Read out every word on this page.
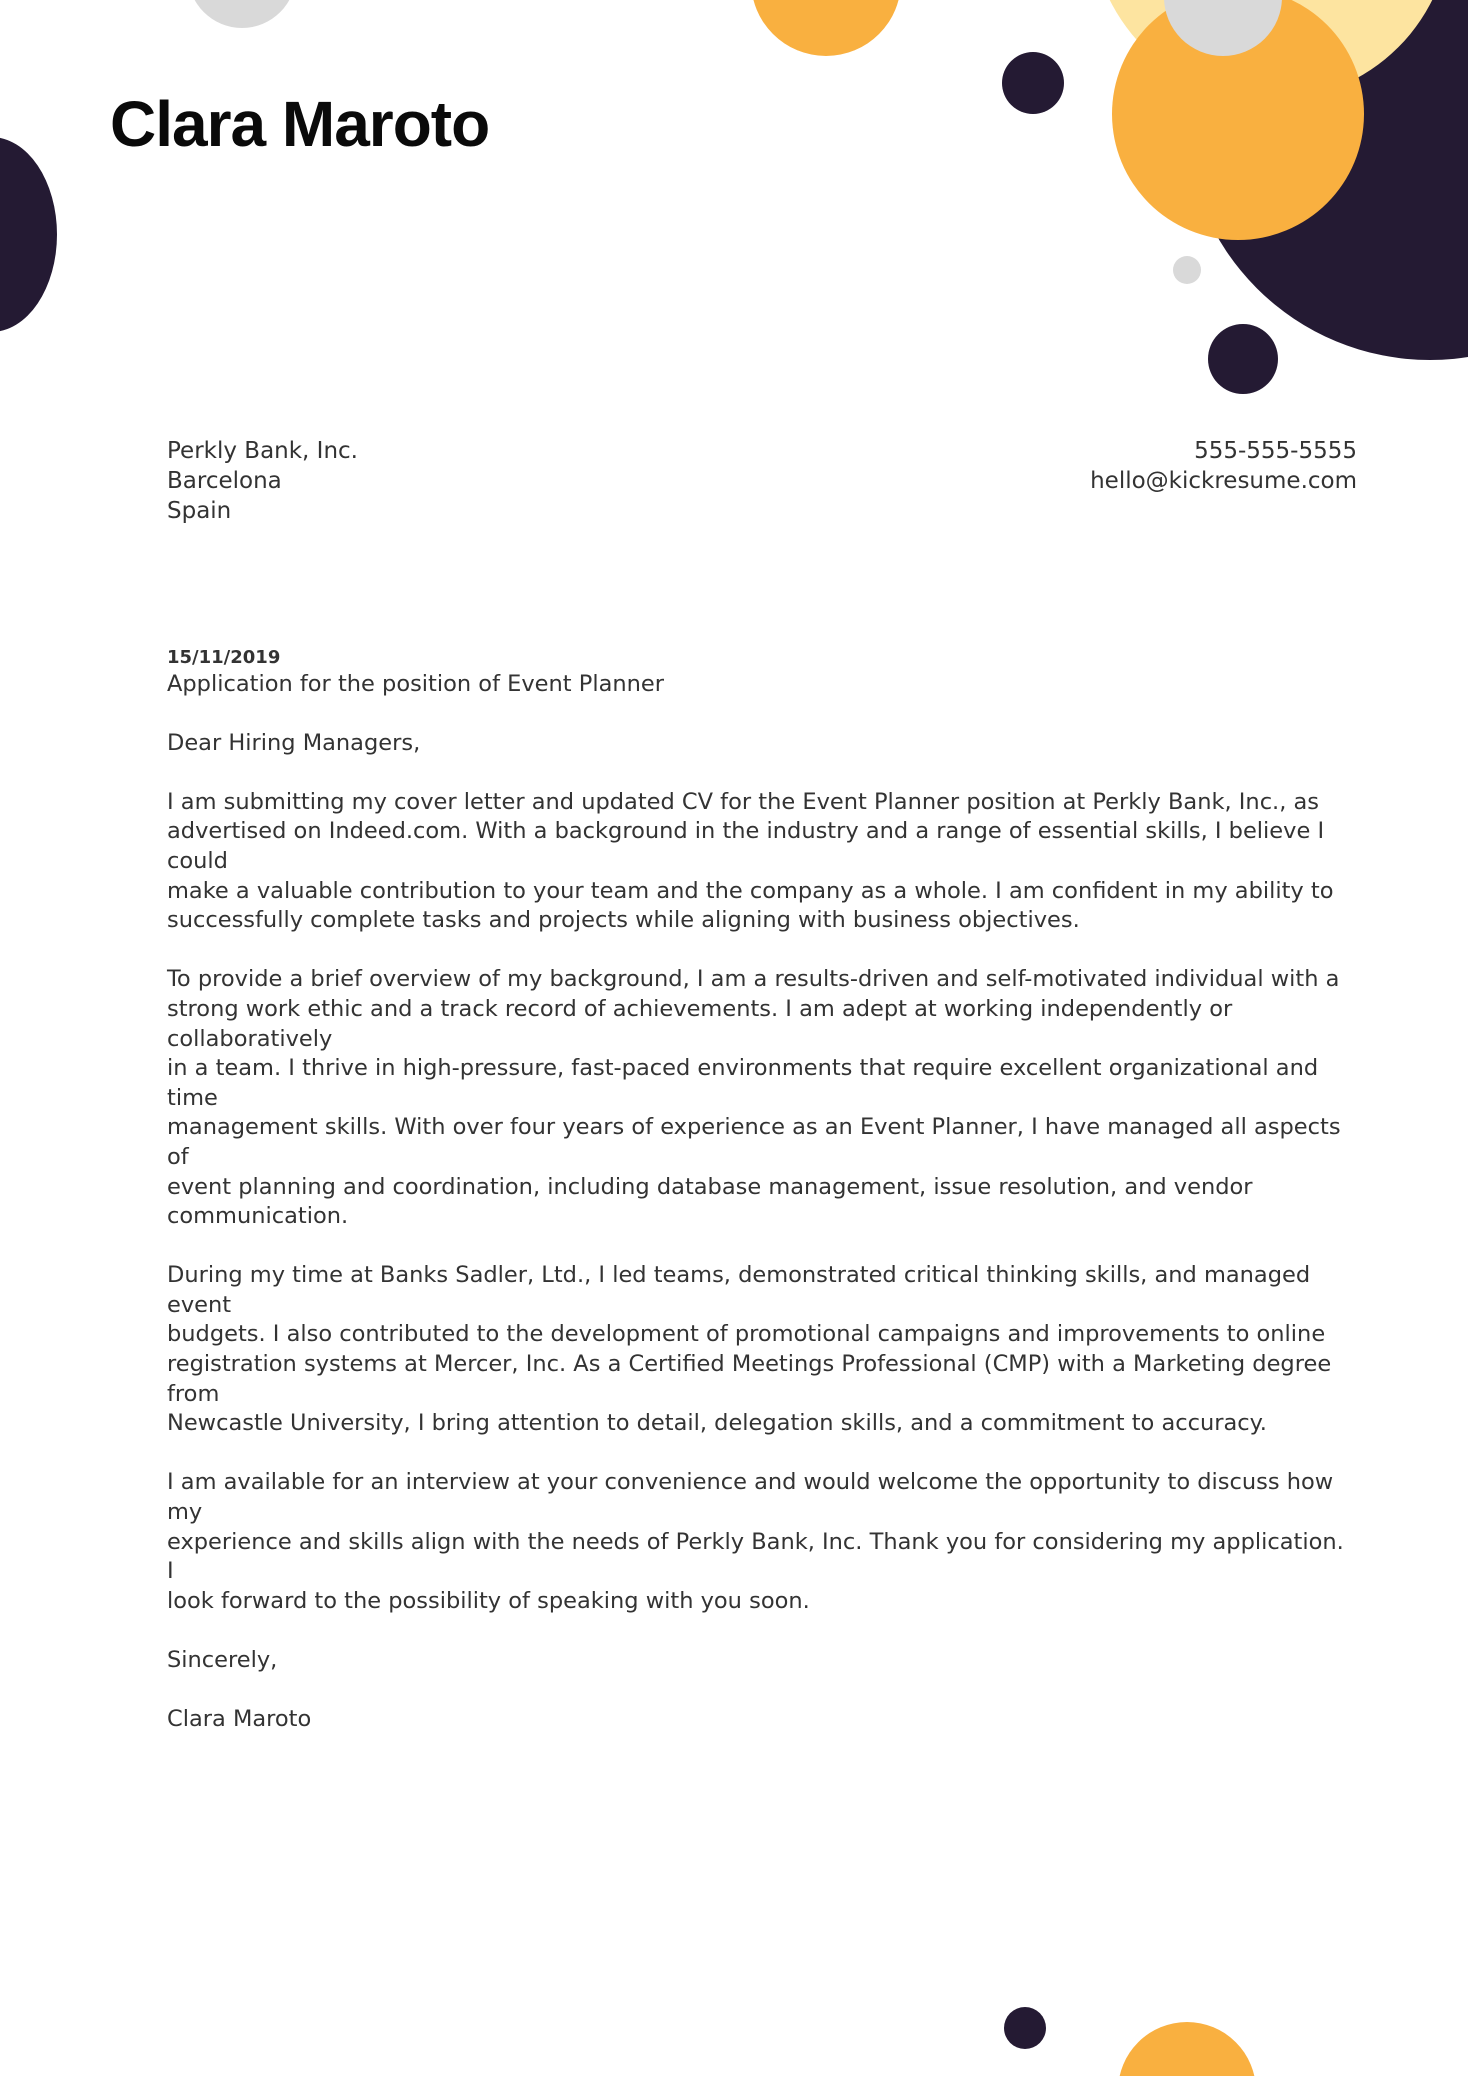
Clara Maroto
Perkly Bank, Inc.
Barcelona
Spain
555-555-5555
hello@kickresume.com
15/11/2019
Application for the position of Event Planner

Dear Hiring Managers,

I am submitting my cover letter and updated CV for the Event Planner position at Perkly Bank, Inc., as
advertised on Indeed.com. With a background in the industry and a range of essential skills, I believe I could
make a valuable contribution to your team and the company as a whole. I am confident in my ability to
successfully complete tasks and projects while aligning with business objectives.

To provide a brief overview of my background, I am a results-driven and self-motivated individual with a
strong work ethic and a track record of achievements. I am adept at working independently or collaboratively
in a team. I thrive in high-pressure, fast-paced environments that require excellent organizational and time
management skills. With over four years of experience as an Event Planner, I have managed all aspects of
event planning and coordination, including database management, issue resolution, and vendor
communication.

During my time at Banks Sadler, Ltd., I led teams, demonstrated critical thinking skills, and managed event
budgets. I also contributed to the development of promotional campaigns and improvements to online
registration systems at Mercer, Inc. As a Certified Meetings Professional (CMP) with a Marketing degree from
Newcastle University, I bring attention to detail, delegation skills, and a commitment to accuracy.

I am available for an interview at your convenience and would welcome the opportunity to discuss how my
experience and skills align with the needs of Perkly Bank, Inc. Thank you for considering my application. I
look forward to the possibility of speaking with you soon.

Sincerely,

Clara Maroto
